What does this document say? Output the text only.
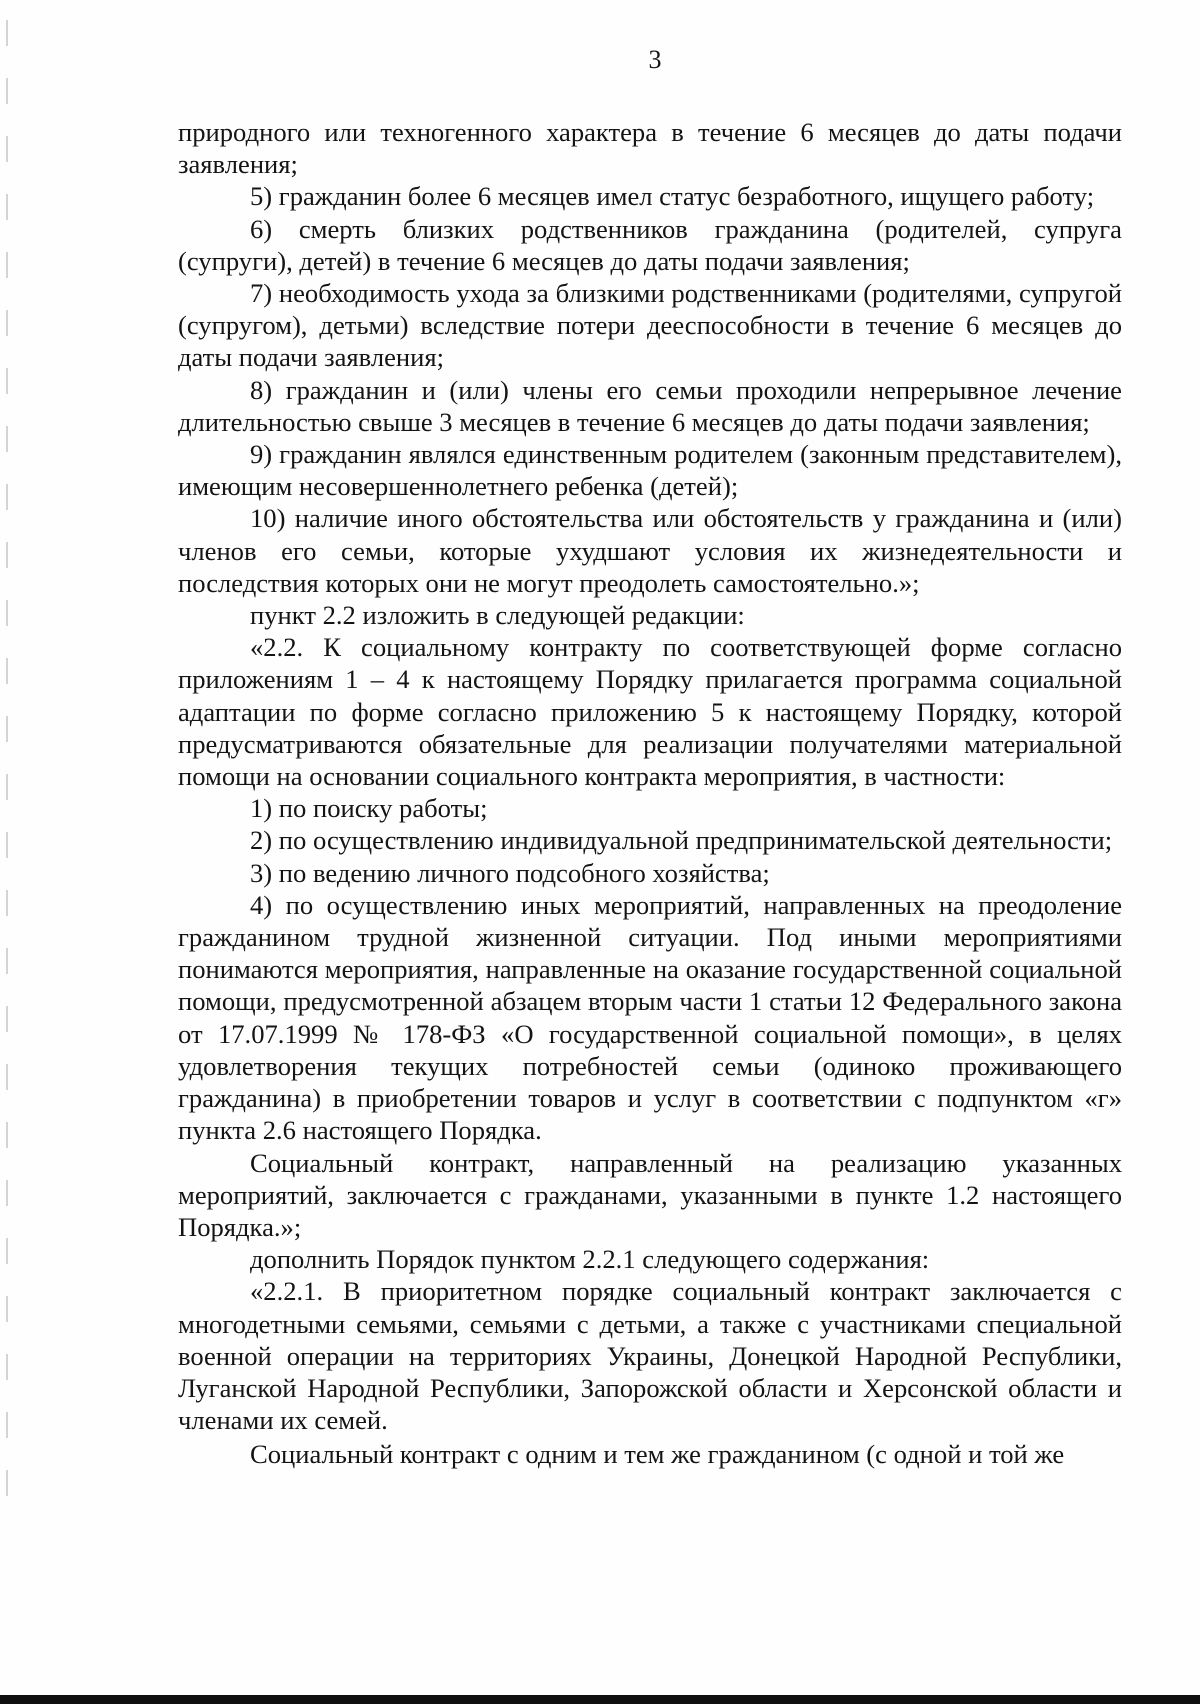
3

природного или техногенного характера в течение 6 месяцев до даты подачи заявления;

5) гражданин более 6 месяцев имел статус безработного, ищущего работу;

6) смерть близких родственников гражданина (родителей, супруга (супруги), детей) в течение 6 месяцев до даты подачи заявления;

7) необходимость ухода за близкими родственниками (родителями, супругой (супругом), детьми) вследствие потери дееспособности в течение 6 месяцев до даты подачи заявления;

8) гражданин и (или) члены его семьи проходили непрерывное лечение длительностью свыше 3 месяцев в течение 6 месяцев до даты подачи заявления;

9) гражданин являлся единственным родителем (законным представителем), имеющим несовершеннолетнего ребенка (детей);

10) наличие иного обстоятельства или обстоятельств у гражданина и (или) членов его семьи, которые ухудшают условия их жизнедеятельности и последствия которых они не могут преодолеть самостоятельно.»;

пункт 2.2 изложить в следующей редакции:

«2.2. К социальному контракту по соответствующей форме согласно приложениям 1 – 4 к настоящему Порядку прилагается программа социальной адаптации по форме согласно приложению 5 к настоящему Порядку, которой предусматриваются обязательные для реализации получателями материальной помощи на основании социального контракта мероприятия, в частности:

1) по поиску работы;

2) по осуществлению индивидуальной предпринимательской деятельности;

3) по ведению личного подсобного хозяйства;

4) по осуществлению иных мероприятий, направленных на преодоление гражданином трудной жизненной ситуации. Под иными мероприятиями понимаются мероприятия, направленные на оказание государственной социальной помощи, предусмотренной абзацем вторым части 1 статьи 12 Федерального закона от 17.07.1999 № 178-ФЗ «О государственной социальной помощи», в целях удовлетворения текущих потребностей семьи (одиноко проживающего гражданина) в приобретении товаров и услуг в соответствии с подпунктом «г» пункта 2.6 настоящего Порядка.

Социальный контракт, направленный на реализацию указанных мероприятий, заключается с гражданами, указанными в пункте 1.2 настоящего Порядка.»;

дополнить Порядок пунктом 2.2.1 следующего содержания:

«2.2.1. В приоритетном порядке социальный контракт заключается с многодетными семьями, семьями с детьми, а также с участниками специальной военной операции на территориях Украины, Донецкой Народной Республики, Луганской Народной Республики, Запорожской области и Херсонской области и членами их семей.

Социальный контракт с одним и тем же гражданином (с одной и той же
